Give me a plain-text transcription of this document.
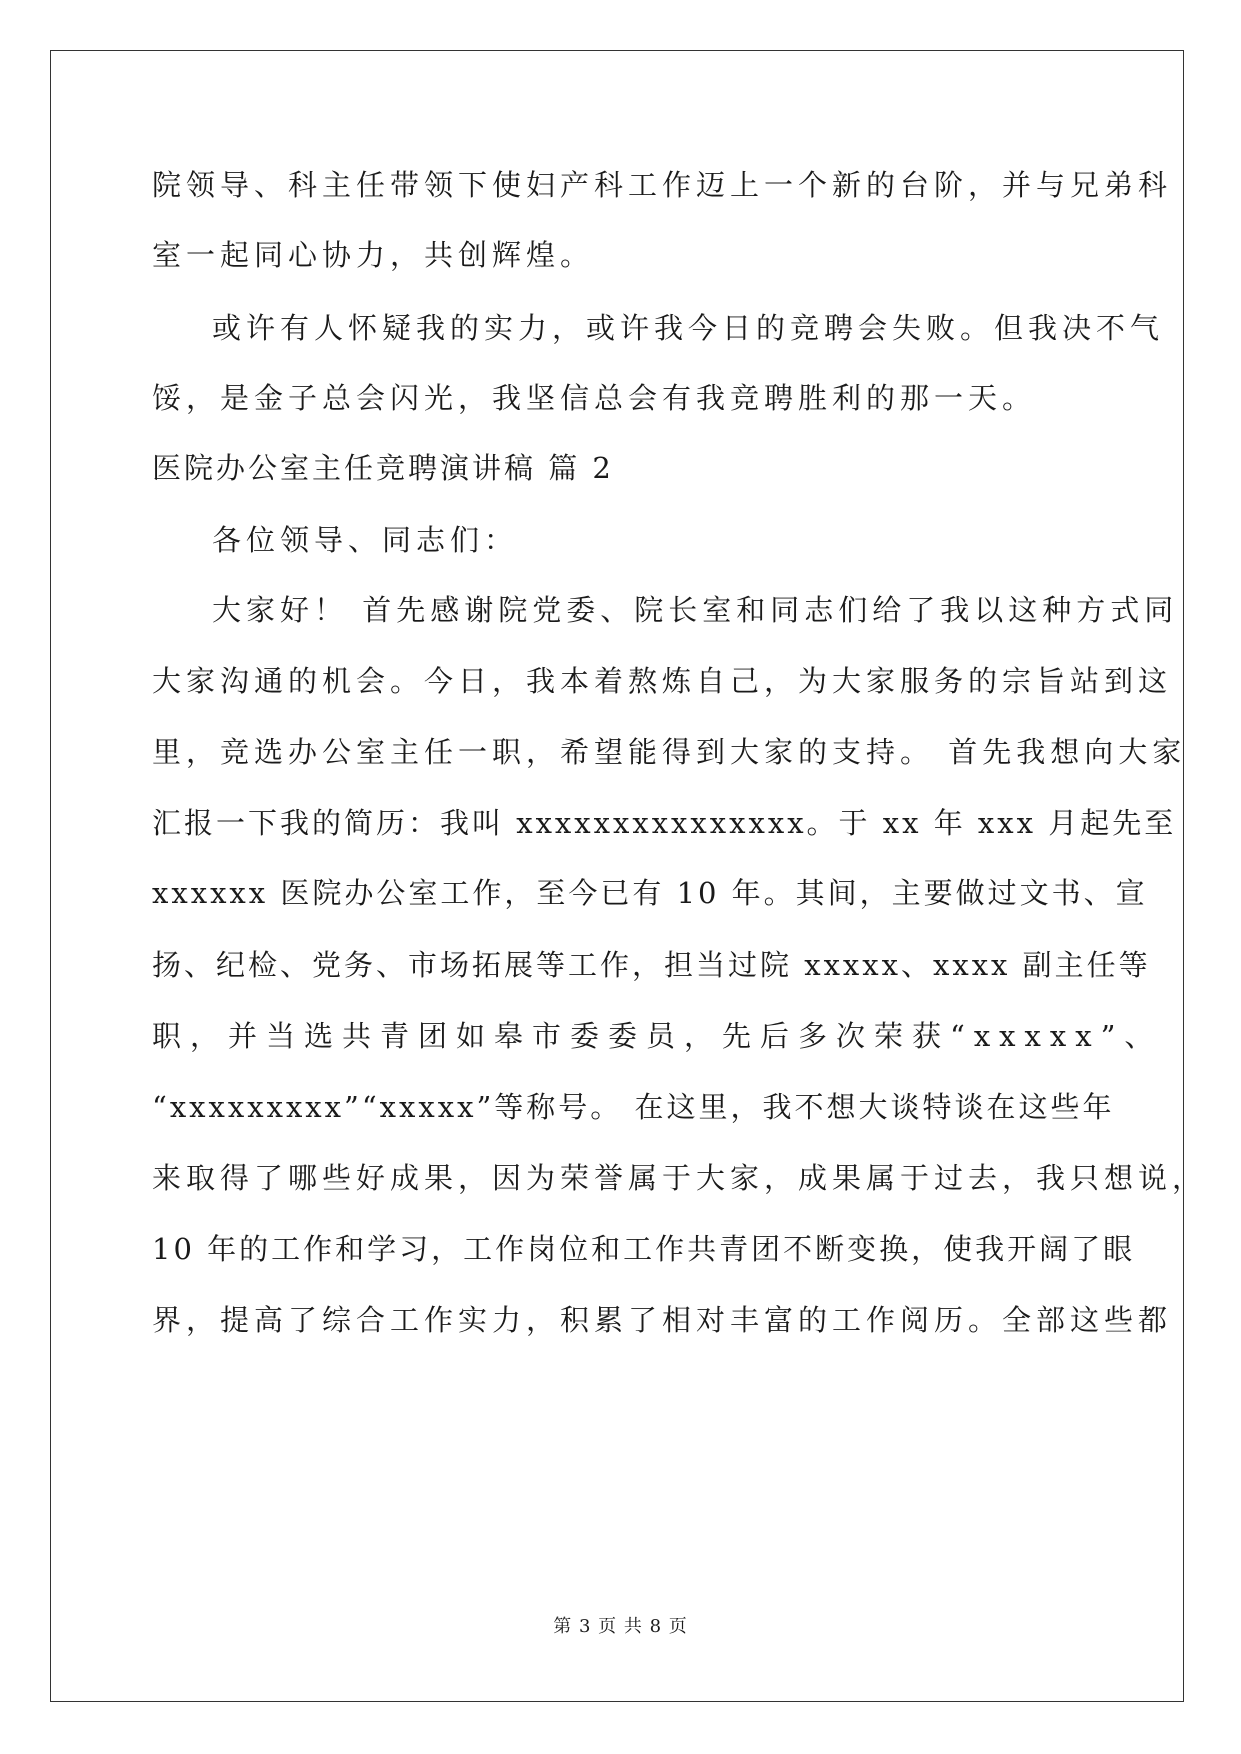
院领导、科主任带领下使妇产科工作迈上一个新的台阶，并与兄弟科
室一起同心协力，共创辉煌。
或许有人怀疑我的实力，或许我今日的竞聘会失败。但我决不气
馁，是金子总会闪光，我坚信总会有我竞聘胜利的那一天。
医院办公室主任竞聘演讲稿 篇 2
各位领导、同志们：
大家好！ 首先感谢院党委、院长室和同志们给了我以这种方式同
大家沟通的机会。今日，我本着熬炼自己，为大家服务的宗旨站到这
里，竞选办公室主任一职，希望能得到大家的支持。 首先我想向大家
汇报一下我的简历：我叫 xxxxxxxxxxxxxxx。于 xx 年 xxx 月起先至
xxxxxx 医院办公室工作，至今已有 10 年。其间，主要做过文书、宣
扬、纪检、党务、市场拓展等工作，担当过院 xxxxx、xxxx 副主任等
职，并当选共青团如皋市委委员，先后多次荣获“xxxxx”、
“xxxxxxxxx”“xxxxx”等称号。 在这里，我不想大谈特谈在这些年
来取得了哪些好成果，因为荣誉属于大家，成果属于过去，我只想说，
10 年的工作和学习，工作岗位和工作共青团不断变换，使我开阔了眼
界，提高了综合工作实力，积累了相对丰富的工作阅历。全部这些都
第 3 页 共 8 页
